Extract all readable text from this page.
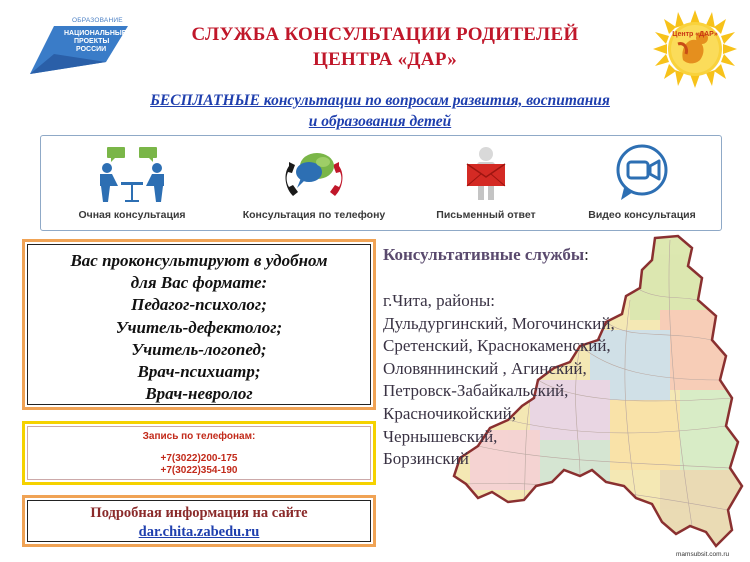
ОБРАЗОВАНИЕ
НАЦИОНАЛЬНЫЕ
ПРОЕКТЫ
РОССИИ
СЛУЖБА КОНСУЛЬТАЦИИ РОДИТЕЛЕЙ
ЦЕНТРА «ДАР»
БЕСПЛАТНЫЕ консультации по вопросам развития, воспитания
и образования детей
Центр «ДАР»
Очная консультация	Консультация по телефону	Письменный ответ	Видео консультация
Вас проконсультируют в удобном
для Вас формате:
Педагог-психолог;
Учитель-дефектолог;
Учитель-логопед;
Врач-психиатр;
Врач-невролог
Запись по телефонам:
+7(3022)200-175
+7(3022)354-190
Подробная информация на сайте
dar.chita.zabedu.ru
Консультативные службы:
г.Чита, районы:
Дульдургинский, Могочинский,
Сретенский, Краснокаменский,
Оловяннинский , Агинский,
Петровск-Забайкальский,
Красночикойский,
Чернышевский,
Борзинский
mamsubsit.com.ru
